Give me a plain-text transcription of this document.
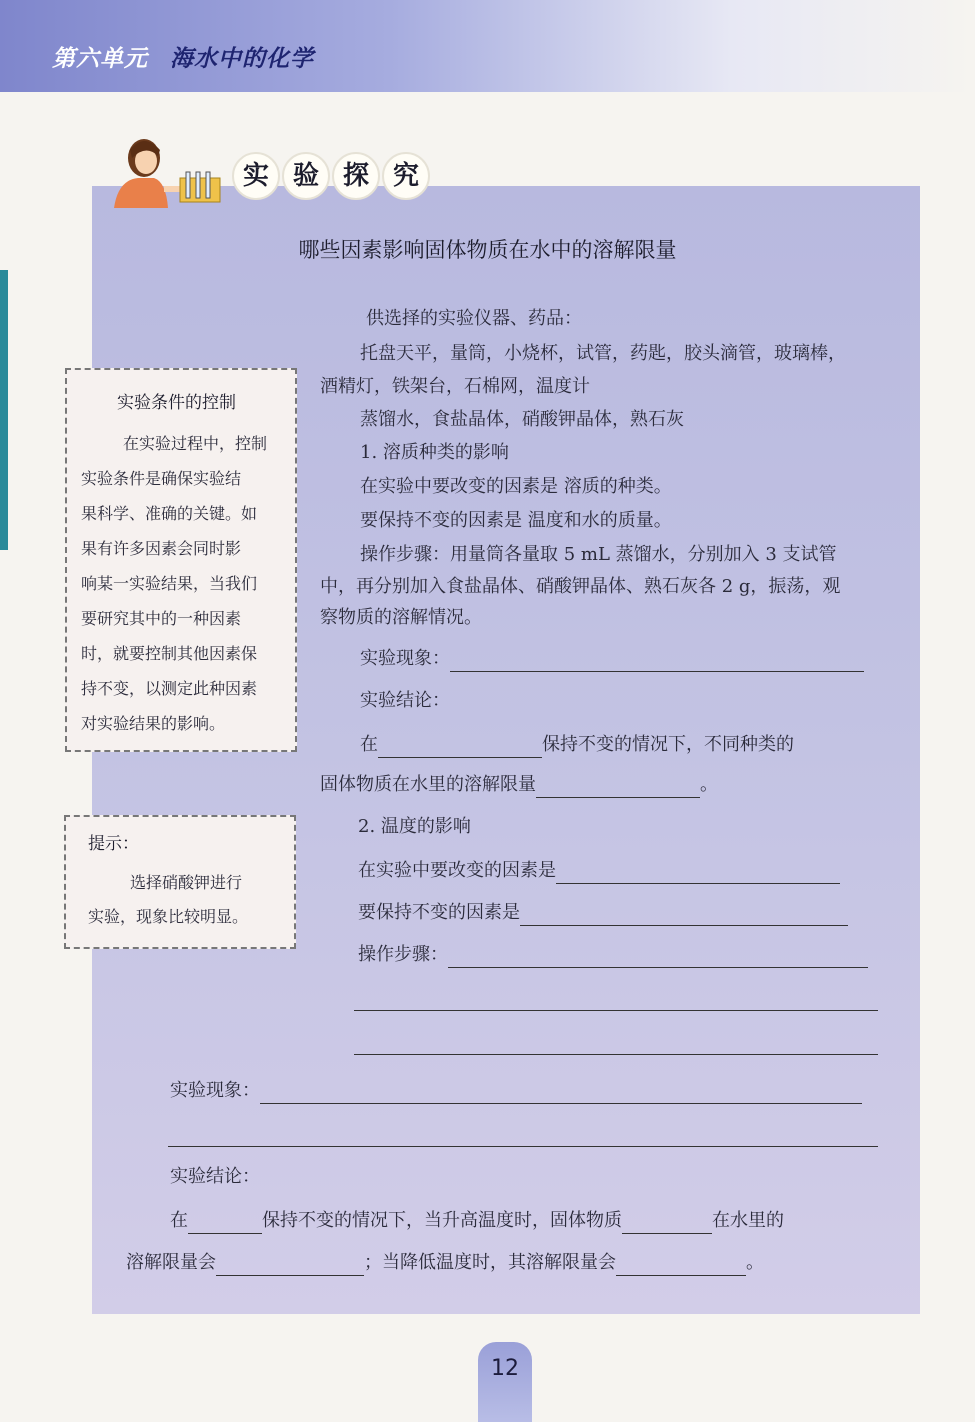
第六单元 海水中的化学
实 验 探 究
哪些因素影响固体物质在水中的溶解限量
供选择的实验仪器、药品：
托盘天平，量筒，小烧杯，试管，药匙，胶头滴管，玻璃棒，
酒精灯，铁架台，石棉网，温度计
蒸馏水，食盐晶体，硝酸钾晶体，熟石灰
1. 溶质种类的影响
在实验中要改变的因素是 溶质的种类。
要保持不变的因素是 温度和水的质量。
操作步骤：用量筒各量取 5 mL 蒸馏水，分别加入 3 支试管
中，再分别加入食盐晶体、硝酸钾晶体、熟石灰各 2 g，振荡，观
察物质的溶解情况。
实验现象：
实验结论：
在	保持不变的情况下，不同种类的
固体物质在水里的溶解限量	。
2. 温度的影响
在实验中要改变的因素是
要保持不变的因素是
操作步骤：
实验现象：
实验结论：
在	保持不变的情况下，当升高温度时，固体物质	在水里的
溶解限量会	；当降低温度时，其溶解限量会	。
实验条件的控制
在实验过程中，控制
实验条件是确保实验结
果科学、准确的关键。如
果有许多因素会同时影
响某一实验结果，当我们
要研究其中的一种因素
时，就要控制其他因素保
持不变，以测定此种因素
对实验结果的影响。
提示：
选择硝酸钾进行
实验，现象比较明显。
12
